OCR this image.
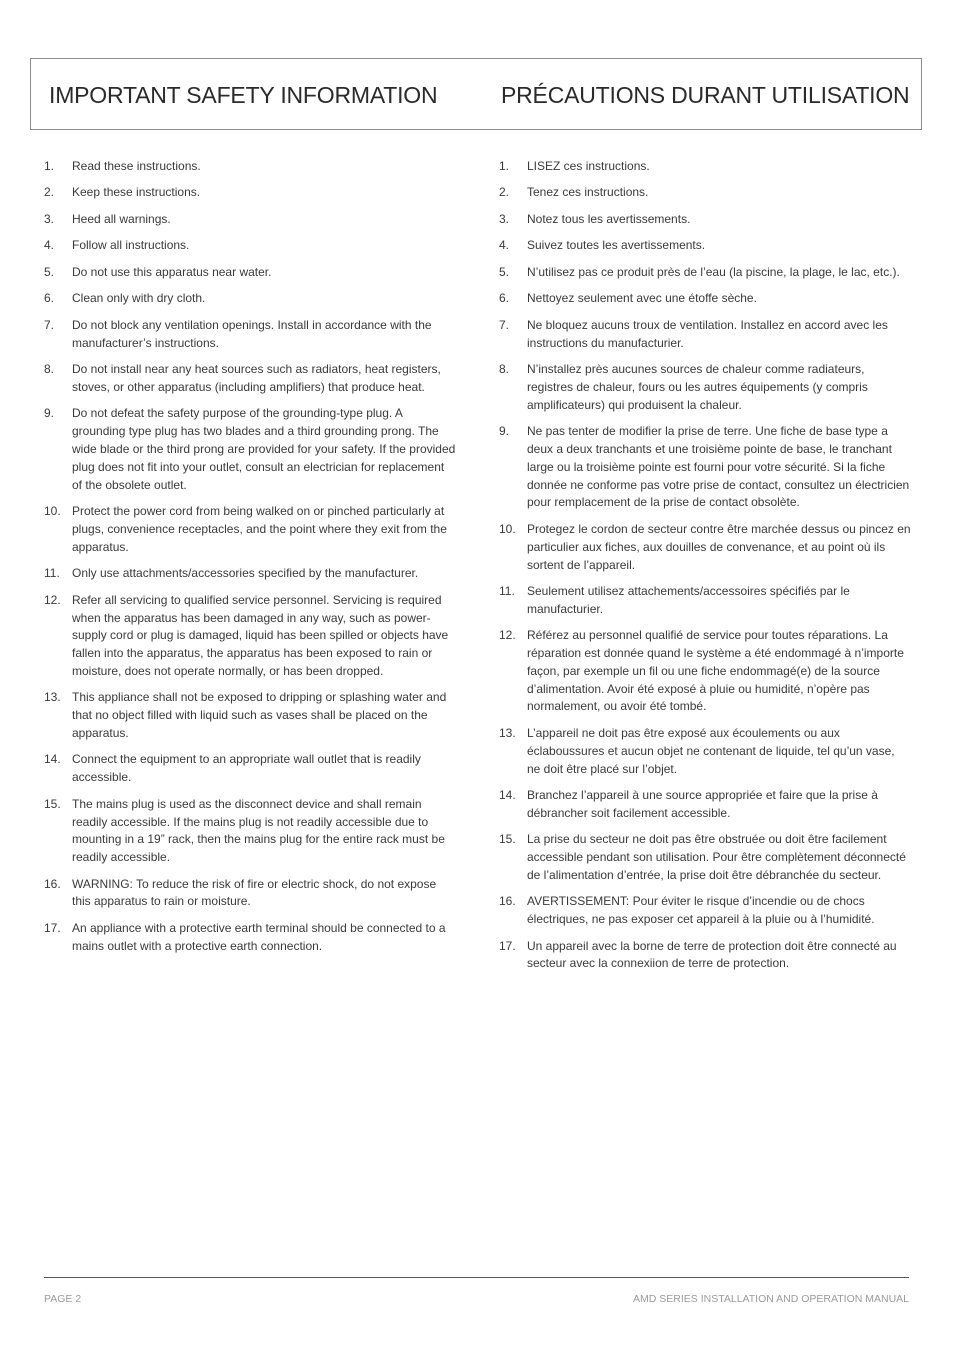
IMPORTANT SAFETY INFORMATION	PRÉCAUTIONS DURANT UTILISATION
1. Read these instructions.
2. Keep these instructions.
3. Heed all warnings.
4. Follow all instructions.
5. Do not use this apparatus near water.
6. Clean only with dry cloth.
7. Do not block any ventilation openings. Install in accordance with the manufacturer’s instructions.
8. Do not install near any heat sources such as radiators, heat registers, stoves, or other apparatus (including amplifiers) that produce heat.
9. Do not defeat the safety purpose of the grounding-type plug. A grounding type plug has two blades and a third grounding prong. The wide blade or the third prong are provided for your safety. If the provided plug does not fit into your outlet, consult an electrician for replacement of the obsolete outlet.
10. Protect the power cord from being walked on or pinched particularly at plugs, convenience receptacles, and the point where they exit from the apparatus.
11. Only use attachments/accessories specified by the manufacturer.
12. Refer all servicing to qualified service personnel. Servicing is required when the apparatus has been damaged in any way, such as power-supply cord or plug is damaged, liquid has been spilled or objects have fallen into the apparatus, the apparatus has been exposed to rain or moisture, does not operate normally, or has been dropped.
13. This appliance shall not be exposed to dripping or splashing water and that no object filled with liquid such as vases shall be placed on the apparatus.
14. Connect the equipment to an appropriate wall outlet that is readily accessible.
15. The mains plug is used as the disconnect device and shall remain readily accessible. If the mains plug is not readily accessible due to mounting in a 19” rack, then the mains plug for the entire rack must be readily accessible.
16. WARNING: To reduce the risk of fire or electric shock, do not expose this apparatus to rain or moisture.
17. An appliance with a protective earth terminal should be connected to a mains outlet with a protective earth connection.
1. LISEZ ces instructions.
2. Tenez ces instructions.
3. Notez tous les avertissements.
4. Suivez toutes les avertissements.
5. N’utilisez pas ce produit près de l’eau (la piscine, la plage, le lac, etc.).
6. Nettoyez seulement avec une étoffe sèche.
7. Ne bloquez aucuns troux de ventilation. Installez en accord avec les instructions du manufacturier.
8. N’installez près aucunes sources de chaleur comme radiateurs, registres de chaleur, fours ou les autres équipements (y compris amplificateurs) qui produisent la chaleur.
9. Ne pas tenter de modifier la prise de terre. Une fiche de base type a deux a deux tranchants et une troisième pointe de base, le tranchant large ou la troisième pointe est fourni pour votre sécurité. Si la fiche donnée ne conforme pas votre prise de contact, consultez un électricien pour remplacement de la prise de contact obsolète.
10. Protegez le cordon de secteur contre être marchée dessus ou pincez en particulier aux fiches, aux douilles de convenance, et au point où ils sortent de l’appareil.
11. Seulement utilisez attachements/accessoires spécifiés par le manufacturier.
12. Référez au personnel qualifié de service pour toutes réparations. La réparation est donnée quand le système a été endommagé à n’importe façon, par exemple un fil ou une fiche endommagé(e) de la source d’alimentation. Avoir été exposé à pluie ou humidité, n’opère pas normalement, ou avoir été tombé.
13. L’appareil ne doit pas être exposé aux écoulements ou aux éclaboussures et aucun objet ne contenant de liquide, tel qu’un vase, ne doit être placé sur l’objet.
14. Branchez l’appareil à une source appropriée et faire que la prise à débrancher soit facilement accessible.
15. La prise du secteur ne doit pas être obstruée ou doit être facilement accessible pendant son utilisation. Pour être complètement déconnecté de l’alimentation d’entrée, la prise doit être débranchée du secteur.
16. AVERTISSEMENT: Pour éviter le risque d’incendie ou de chocs électriques, ne pas exposer cet appareil à la pluie ou à l’humidité.
17. Un appareil avec la borne de terre de protection doit être connecté au secteur avec la connexiion de terre de protection.
PAGE 2	AMD SERIES INSTALLATION AND OPERATION MANUAL
